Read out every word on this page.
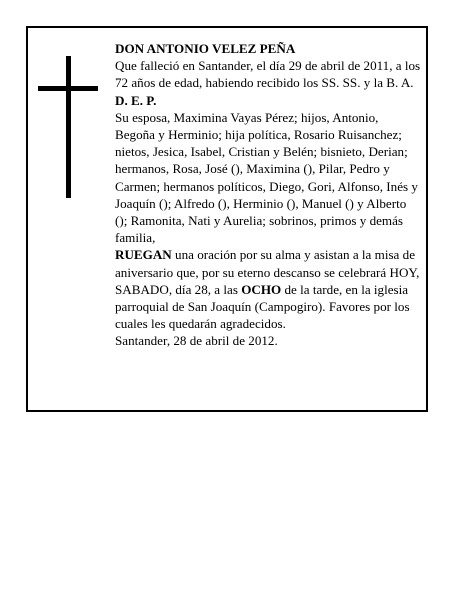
DON ANTONIO VELEZ PEÑA

Que falleció en Santander, el día 29 de abril de 2011, a los 72 años de edad, habiendo recibido los SS. SS. y la B. A.

D. E. P.

Su esposa, Maximina Vayas Pérez; hijos, Antonio, Begoña y Herminio; hija política, Rosario Ruisanchez; nietos, Jesica, Isabel, Cristian y Belén; bisnieto, Derian; hermanos, Rosa, José (), Maximina (), Pilar, Pedro y Carmen; hermanos políticos, Diego, Gori, Alfonso, Inés y Joaquín (); Alfredo (), Herminio (), Manuel () y Alberto (); Ramonita, Nati y Aurelia; sobrinos, primos y demás familia,

RUEGAN una oración por su alma y asistan a la misa de aniversario que, por su eterno descanso se celebrará HOY, SABADO, día 28, a las OCHO de la tarde, en la iglesia parroquial de San Joaquín (Campogiro). Favores por los cuales les quedarán agradecidos.

Santander, 28 de abril de 2012.
